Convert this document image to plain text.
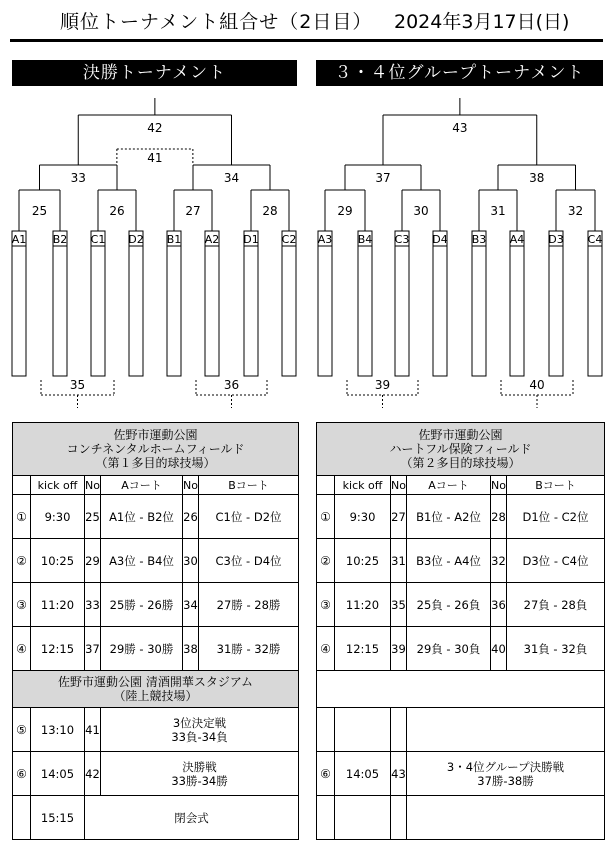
順位トーナメント組合せ（2日目） 2024年3月17日(日)
決勝トーナメント	３・４位グループトーナメント
A1 B2 C1 D2 B1 A2 D1 C2
25	26	27	28
33	34
42
41
35	36
A3 B4 C3 D4 B3 A4 D3 C4
29	30	31	32
37	38
43
39	40
佐野市運動公園
コンチネンタルホームフィールド
（第１多目的球技場）					

	kick off	No	Aコート	No	Bコート
①	9:30	25	A1位 - B2位	26	C1位 - D2位
②	10:25	29	A3位 - B4位	30	C3位 - D4位
③	11:20	33	25勝 - 26勝	34	27勝 - 28勝
④	12:15	37	29勝 - 30勝	38	31勝 - 32勝

佐野市運動公園 清酒開華スタジアム
（陸上競技場）					

⑤	13:10	41	3位決定戦
33負-34負		

⑥	14:05	42	決勝戦
33勝-34勝		

	15:15	閉会式			
佐野市運動公園
ハートフル保険フィールド
（第２多目的球技場）					

	kick off	No	Aコート	No	Bコート
①	9:30	27	B1位 - A2位	28	D1位 - C2位
②	10:25	31	B3位 - A4位	32	D3位 - C4位
③	11:20	35	25負 - 26負	36	27負 - 28負
④	12:15	39	29負 - 30負	40	31負 - 32負

⑥	14:05	43	3・4位グループ決勝戦
37勝-38勝		
